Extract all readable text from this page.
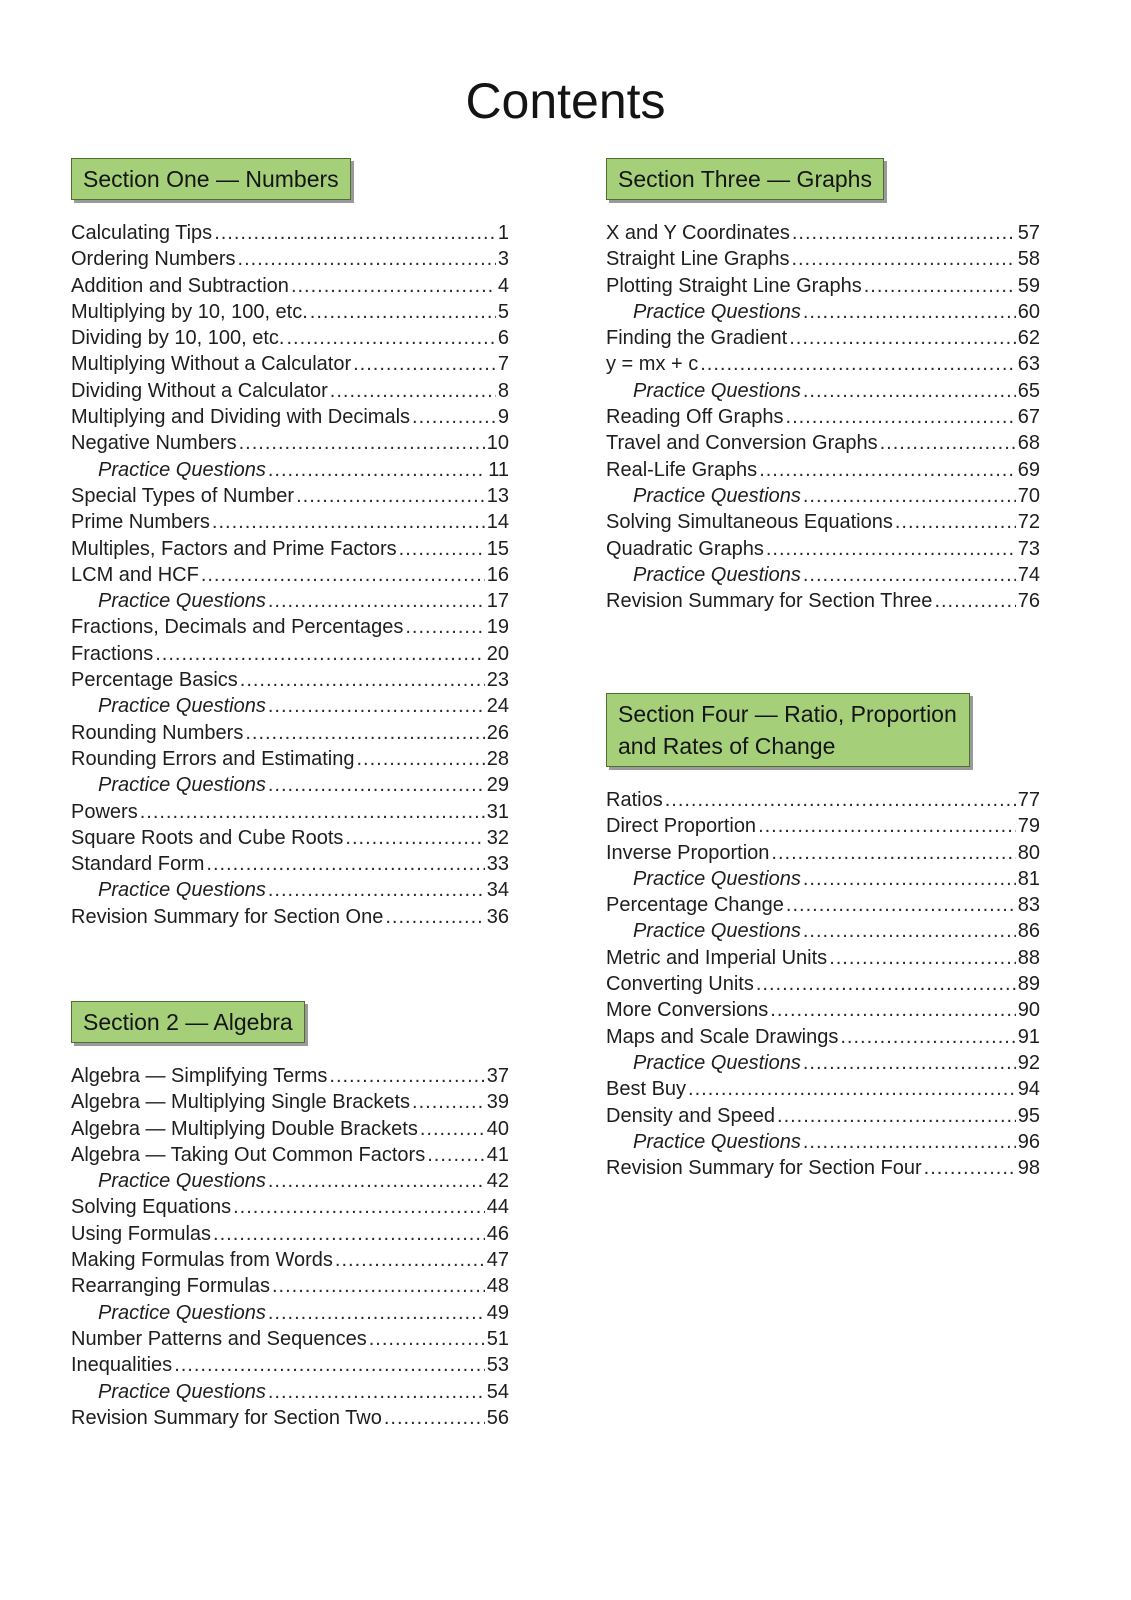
Contents
Section One — Numbers
Calculating Tips .....	1
Ordering Numbers .....	3
Addition and Subtraction .....	4
Multiplying by 10, 100, etc. .....	5
Dividing by 10, 100, etc. .....	6
Multiplying Without a Calculator .....	7
Dividing Without a Calculator .....	8
Multiplying and Dividing with Decimals .....	9
Negative Numbers .....	10
Practice Questions .....	11
Special Types of Number .....	13
Prime Numbers .....	14
Multiples, Factors and Prime Factors .....	15
LCM and HCF .....	16
Practice Questions .....	17
Fractions, Decimals and Percentages .....	19
Fractions .....	20
Percentage Basics .....	23
Practice Questions .....	24
Rounding Numbers .....	26
Rounding Errors and Estimating .....	28
Practice Questions .....	29
Powers .....	31
Square Roots and Cube Roots .....	32
Standard Form .....	33
Practice Questions .....	34
Revision Summary for Section One .....	36
Section 2 — Algebra
Algebra — Simplifying Terms .....	37
Algebra — Multiplying Single Brackets .....	39
Algebra — Multiplying Double Brackets .....	40
Algebra — Taking Out Common Factors .....	41
Practice Questions .....	42
Solving Equations .....	44
Using Formulas .....	46
Making Formulas from Words .....	47
Rearranging Formulas .....	48
Practice Questions .....	49
Number Patterns and Sequences .....	51
Inequalities .....	53
Practice Questions .....	54
Revision Summary for Section Two .....	56
Section Three — Graphs
X and Y Coordinates .....	57
Straight Line Graphs .....	58
Plotting Straight Line Graphs .....	59
Practice Questions .....	60
Finding the Gradient .....	62
y = mx + c .....	63
Practice Questions .....	65
Reading Off Graphs .....	67
Travel and Conversion Graphs .....	68
Real-Life Graphs .....	69
Practice Questions .....	70
Solving Simultaneous Equations .....	72
Quadratic Graphs .....	73
Practice Questions .....	74
Revision Summary for Section Three .....	76
Section Four — Ratio, Proportion
and Rates of Change
Ratios .....	77
Direct Proportion .....	79
Inverse Proportion .....	80
Practice Questions .....	81
Percentage Change .....	83
Practice Questions .....	86
Metric and Imperial Units .....	88
Converting Units .....	89
More Conversions .....	90
Maps and Scale Drawings .....	91
Practice Questions .....	92
Best Buy .....	94
Density and Speed .....	95
Practice Questions .....	96
Revision Summary for Section Four .....	98
